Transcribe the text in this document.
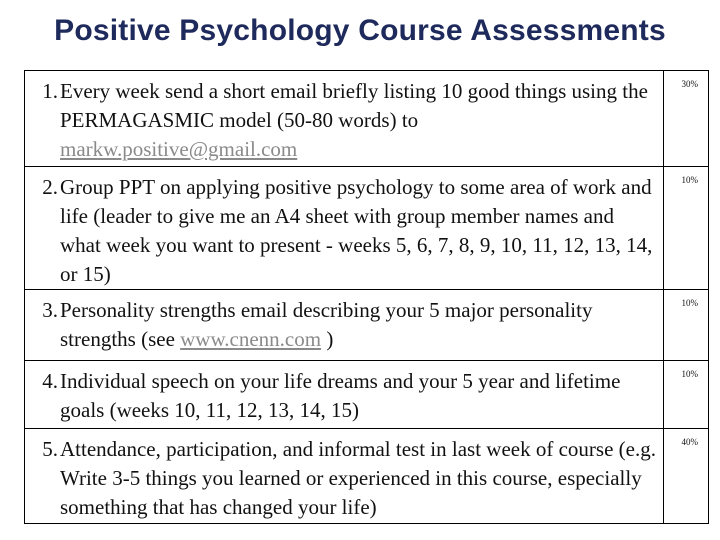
Positive Psychology Course Assessments
1. Every week send a short email briefly listing 10 good things using the PERMAGASMIC model (50-80 words) to markw.positive@gmail.com	30%

2. Group PPT on applying positive psychology to some area of work and life (leader to give me an A4 sheet with group member names and what week you want to present - weeks 5, 6, 7, 8, 9, 10, 11, 12, 13, 14, or 15)	10%

3. Personality strengths email describing your 5 major personality strengths (see www.cnenn.com )	10%

4. Individual speech on your life dreams and your 5 year and lifetime goals (weeks 10, 11, 12, 13, 14, 15)	10%

5. Attendance, participation, and informal test in last week of course (e.g. Write 3-5 things you learned or experienced in this course, especially something that has changed your life)	40%
